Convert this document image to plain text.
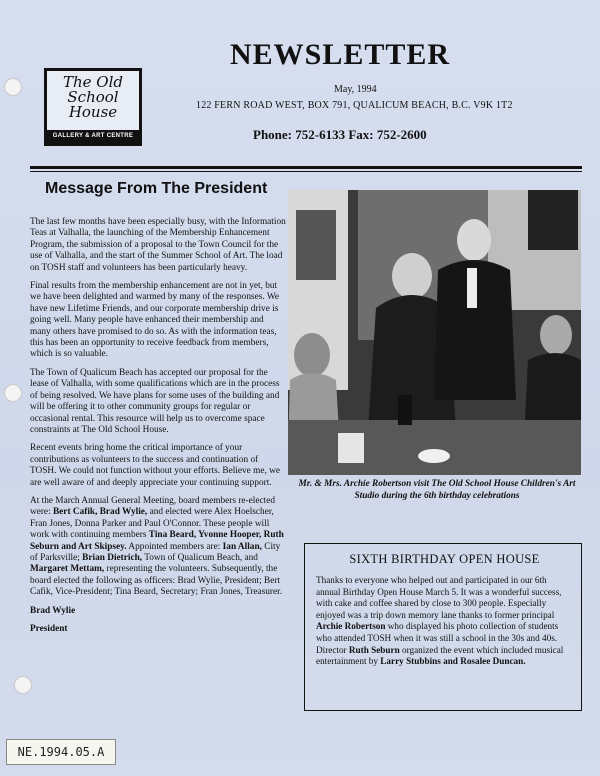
The Old
School
House
GALLERY & ART CENTRE
NEWSLETTER
May, 1994
122 FERN ROAD WEST, BOX 791, QUALICUM BEACH, B.C. V9K 1T2
Phone: 752-6133 Fax: 752-2600
Message From The President

The last few months have been especially busy, with the Information Teas at Valhalla, the launching of the Membership Enhancement Program, the submission of a proposal to the Town Council for the use of Valhalla, and the start of the Summer School of Art. The load on TOSH staff and volunteers has been particularly heavy.

Final results from the membership enhancement are not in yet, but we have been delighted and warmed by many of the responses. We have new Lifetime Friends, and our corporate membership drive is going well. Many people have enhanced their membership and many others have promised to do so. As with the information teas, this has been an opportunity to receive feedback from members, which is so valuable.

The Town of Qualicum Beach has accepted our proposal for the lease of Valhalla, with some qualifications which are in the process of being resolved. We have plans for some uses of the building and will be offering it to other community groups for regular or occasional rental. This resource will help us to overcome space constraints at The Old School House.

Recent events bring home the critical importance of your contributions as volunteers to the success and continuation of TOSH. We could not function without your efforts. Believe me, we are well aware of and deeply appreciate your continuing support.

At the March Annual General Meeting, board members re-elected were: Bert Cafik, Brad Wylie, and elected were Alex Hoelscher, Fran Jones, Donna Parker and Paul O'Connor. These people will work with continuing members Tina Beard, Yvonne Hooper, Ruth Seburn and Art Skipsey. Appointed members are: Ian Allan, City of Parksville; Brian Dietrich, Town of Qualicum Beach, and Margaret Mettam, representing the volunteers. Subsequently, the board elected the following as officers: Brad Wylie, President; Bert Cafik, Vice-President; Tina Beard, Secretary; Fran Jones, Treasurer.

Brad Wylie

President

Mr. & Mrs. Archie Robertson visit The Old School House Children's Art Studio during the 6th birthday celebrations
SIXTH BIRTHDAY OPEN HOUSE

Thanks to everyone who helped out and participated in our 6th annual Birthday Open House March 5. It was a wonderful success, with cake and coffee shared by close to 300 people. Especially enjoyed was a trip down memory lane thanks to former principal Archie Robertson who displayed his photo collection of students who attended TOSH when it was still a school in the 30s and 40s. Director Ruth Seburn organized the event which included musical entertainment by Larry Stubbins and Rosalee Duncan.

NE.1994.05.A
